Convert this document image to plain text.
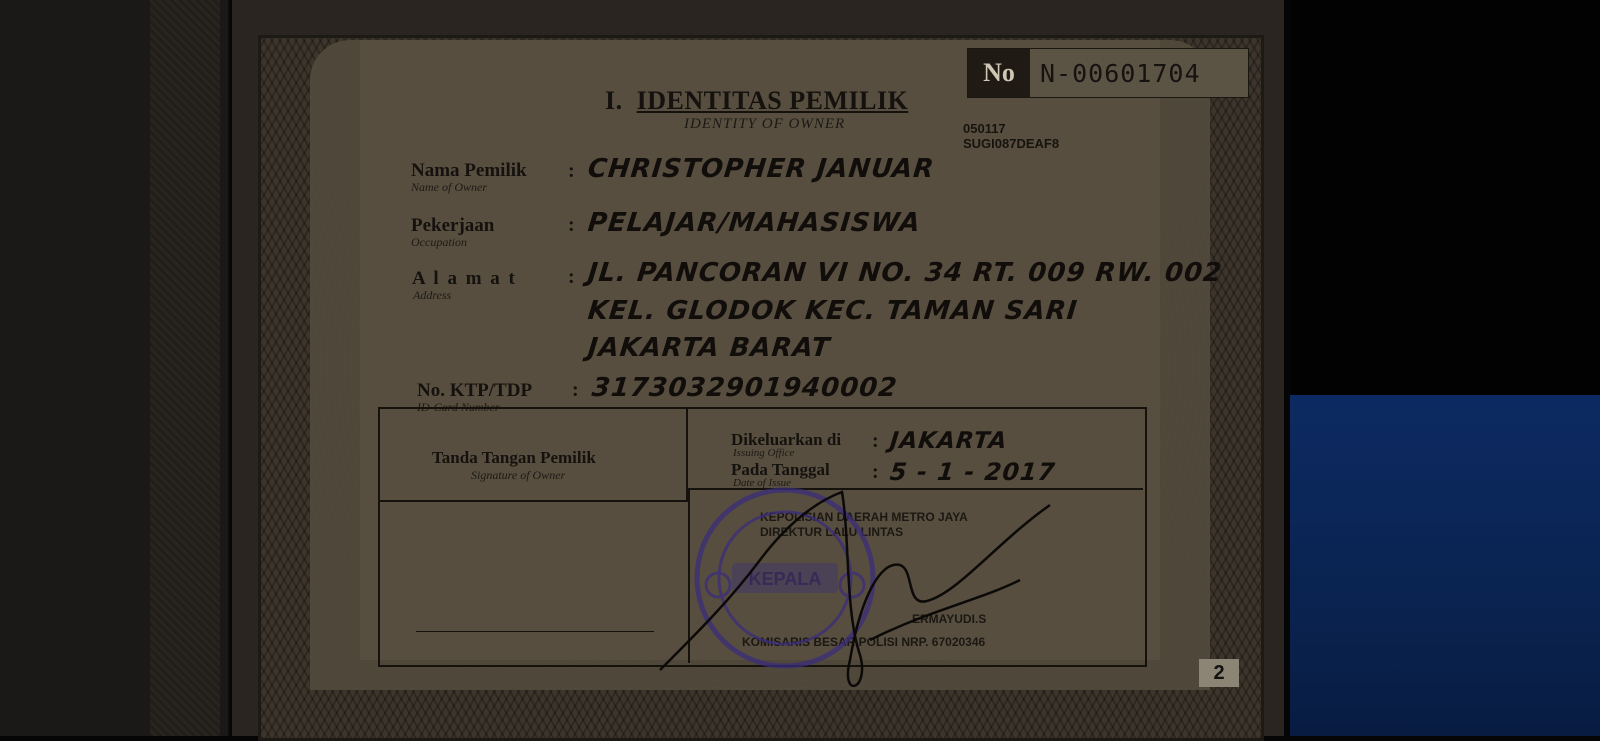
No	N-00601704
I. IDENTITAS PEMILIK
IDENTITY OF OWNER	050117
SUGI087DEAF8
Nama Pemilik
Name of Owner
: CHRISTOPHER JANUAR
Pekerjaan
Occupation
: PELAJAR/MAHASISWA
A l a m a t
Address
: JL. PANCORAN VI NO. 34 RT. 009 RW. 002
KEL. GLODOK KEC. TAMAN SARI
JAKARTA BARAT
No. KTP/TDP
ID-Card Number
: 3173032901940002
Tanda Tangan Pemilik
Signature of Owner
Dikeluarkan di
Issuing Office
: JAKARTA
Pada Tanggal
Date of Issue	: 5 - 1 - 2017
KEPOLISIAN DAERAH METRO JAYA
DIREKTUR LALU LINTAS
ERMAYUDI.S
KOMISARIS BESAR POLISI NRP. 67020346
KEPALA
2
